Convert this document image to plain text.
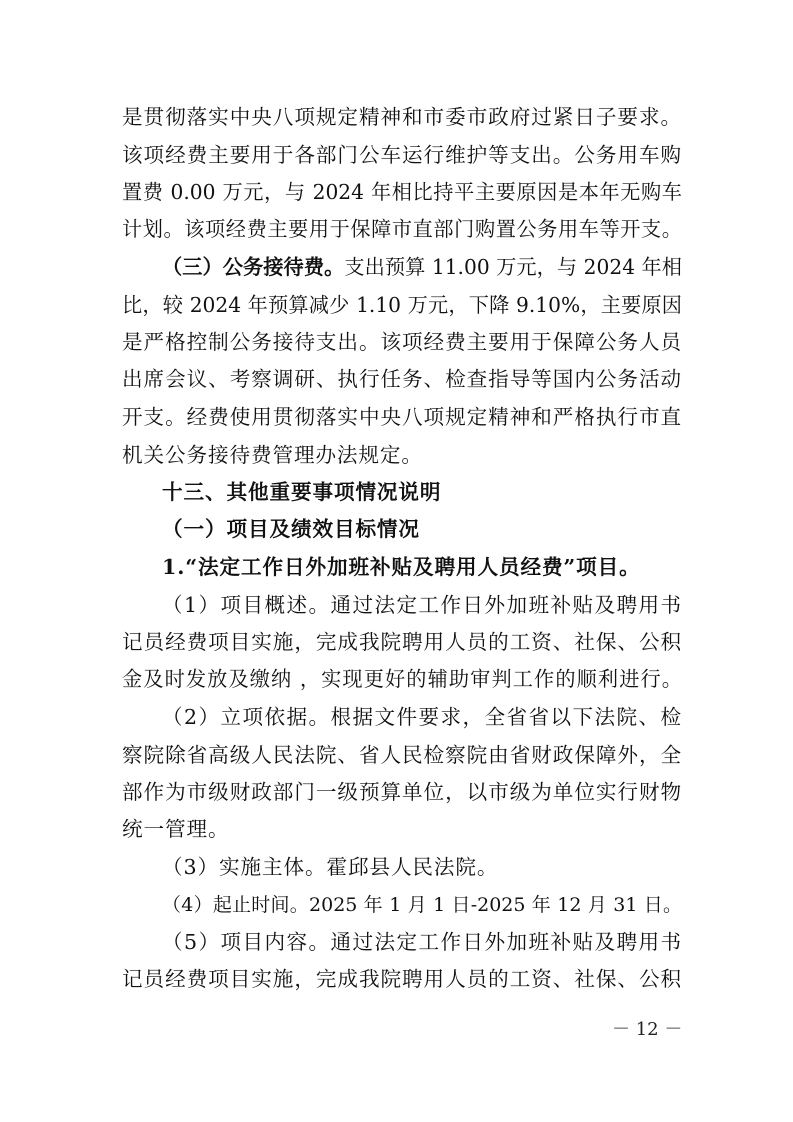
是贯彻落实中央八项规定精神和市委市政府过紧日子要求。
该项经费主要用于各部门公车运行维护等支出。公务用车购
置费 0.00 万元，与 2024 年相比持平主要原因是本年无购车
计划。该项经费主要用于保障市直部门购置公务用车等开支。
（三）公务接待费。支出预算 11.00 万元，与 2024 年相
比，较 2024 年预算减少 1.10 万元，下降 9.10%，主要原因
是严格控制公务接待支出。该项经费主要用于保障公务人员
出席会议、考察调研、执行任务、检查指导等国内公务活动
开支。经费使用贯彻落实中央八项规定精神和严格执行市直
机关公务接待费管理办法规定。
十三、其他重要事项情况说明
（一）项目及绩效目标情况
1.“法定工作日外加班补贴及聘用人员经费”项目。
（1）项目概述。通过法定工作日外加班补贴及聘用书
记员经费项目实施，完成我院聘用人员的工资、社保、公积
金及时发放及缴纳 ，实现更好的辅助审判工作的顺利进行。
（2）立项依据。根据文件要求，全省省以下法院、检
察院除省高级人民法院、省人民检察院由省财政保障外，全
部作为市级财政部门一级预算单位，以市级为单位实行财物
统一管理。
（3）实施主体。霍邱县人民法院。
（4）起止时间。2025 年 1 月 1 日-2025 年 12 月 31 日。
（5）项目内容。通过法定工作日外加班补贴及聘用书
记员经费项目实施，完成我院聘用人员的工资、社保、公积
－ 12 －
